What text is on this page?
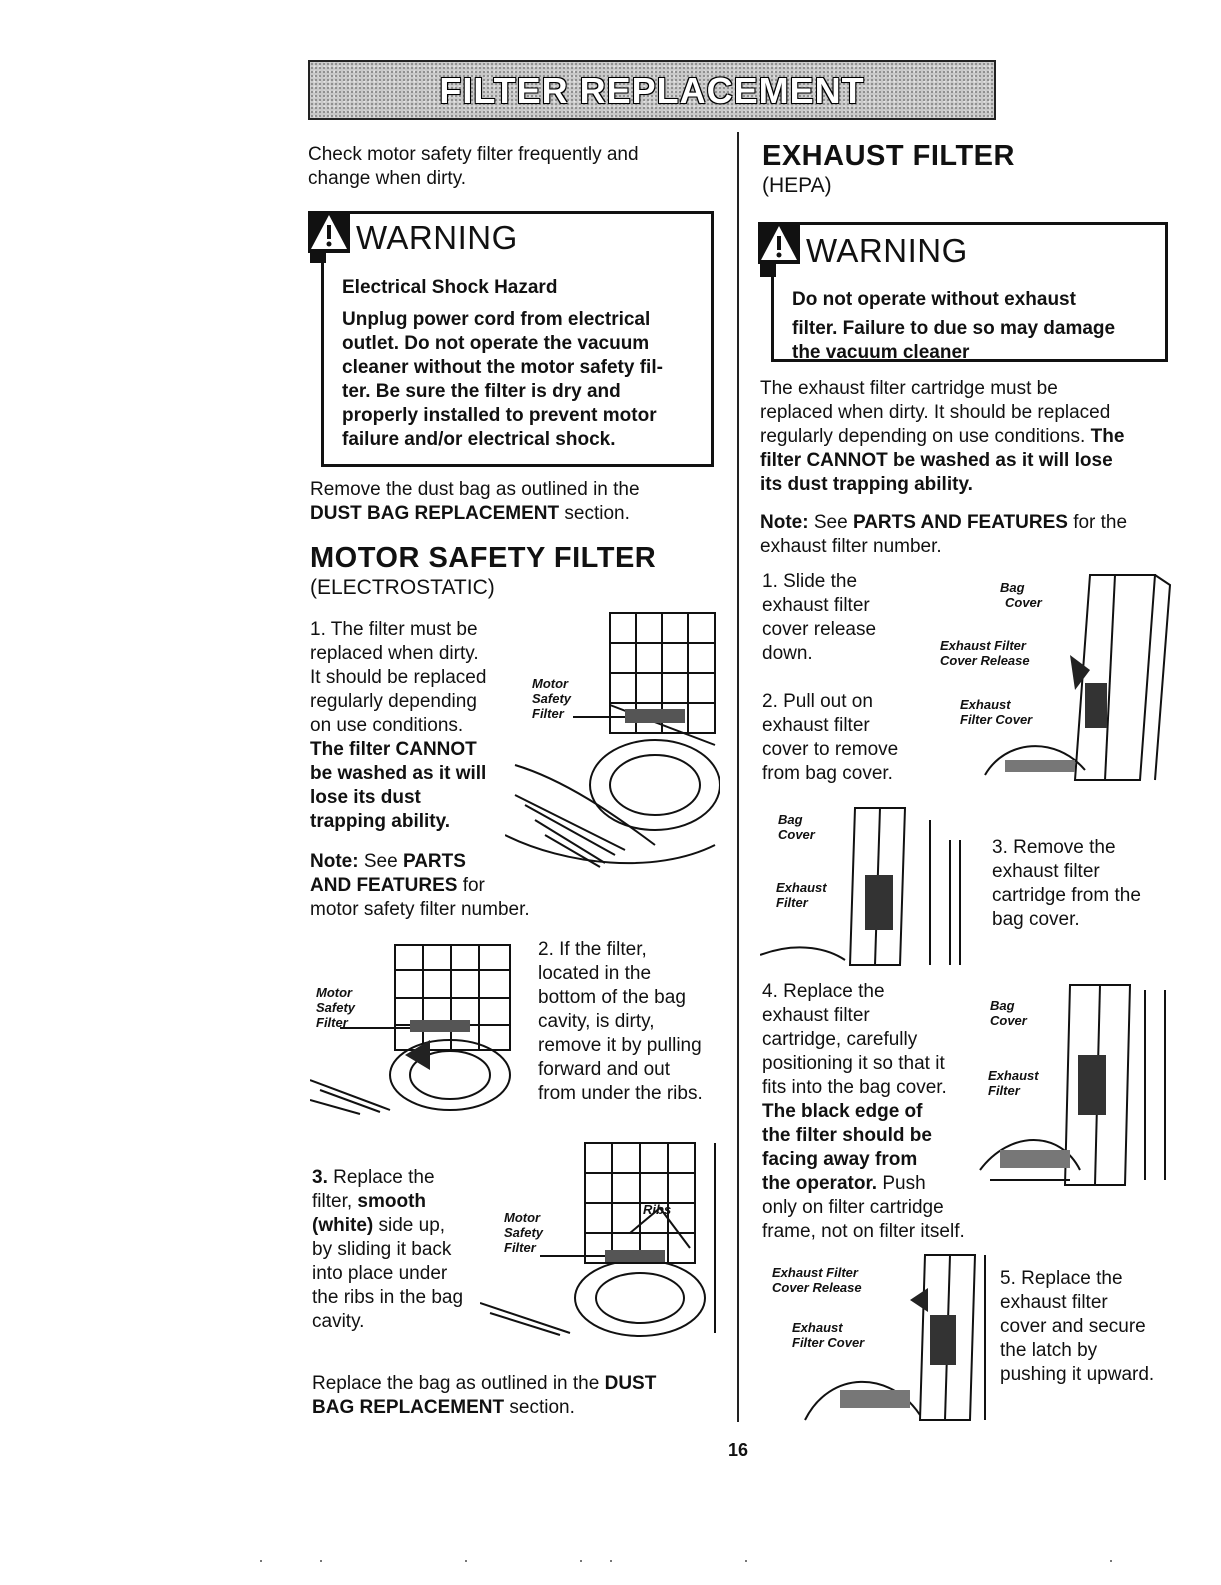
FILTER REPLACEMENT
Check motor safety filter frequently and
change when dirty.
WARNING
Electrical Shock Hazard
Unplug power cord from electrical
outlet. Do not operate the vacuum
cleaner without the motor safety fil-
ter. Be sure the filter is dry and
properly installed to prevent motor
failure and/or electrical shock.
Remove the dust bag as outlined in the
DUST BAG REPLACEMENT section.
MOTOR SAFETY FILTER
(ELECTROSTATIC)
1. The filter must be
replaced when dirty.
It should be replaced
regularly depending
on use conditions.
The filter CANNOT
be washed as it will
lose its dust
trapping ability.
Note: See PARTS
AND FEATURES for
motor safety filter number.
Motor
Safety
Filter
Motor
Safety
Filter
2. If the filter,
located in the
bottom of the bag
cavity, is dirty,
remove it by pulling
forward and out
from under the ribs.
3. Replace the
filter, smooth
(white) side up,
by sliding it back
into place under
the ribs in the bag
cavity.
Motor
Safety
Filter
Ribs
Replace the bag as outlined in the DUST
BAG REPLACEMENT section.
EXHAUST FILTER
(HEPA)
WARNING
Do not operate without exhaust
filter. Failure to due so may damage
the vacuum cleaner
The exhaust filter cartridge must be
replaced when dirty. It should be replaced
regularly depending on use conditions. The
filter CANNOT be washed as it will lose
its dust trapping ability.
Note: See PARTS AND FEATURES for the
exhaust filter number.
1. Slide the
exhaust filter
cover release
down.
2. Pull out on
exhaust filter
cover to remove
from bag cover.
Bag
Cover
Exhaust Filter
Cover Release
Exhaust
Filter Cover
Bag
Cover
Exhaust
Filter
3. Remove the
exhaust filter
cartridge from the
bag cover.
4. Replace the
exhaust filter
cartridge, carefully
positioning it so that it
fits into the bag cover.
The black edge of
the filter should be
facing away from
the operator. Push
only on filter cartridge
frame, not on filter itself.
Bag
Cover
Exhaust
Filter
Exhaust Filter
Cover Release
Exhaust
Filter Cover
5. Replace the
exhaust filter
cover and secure
the latch by
pushing it upward.
16
